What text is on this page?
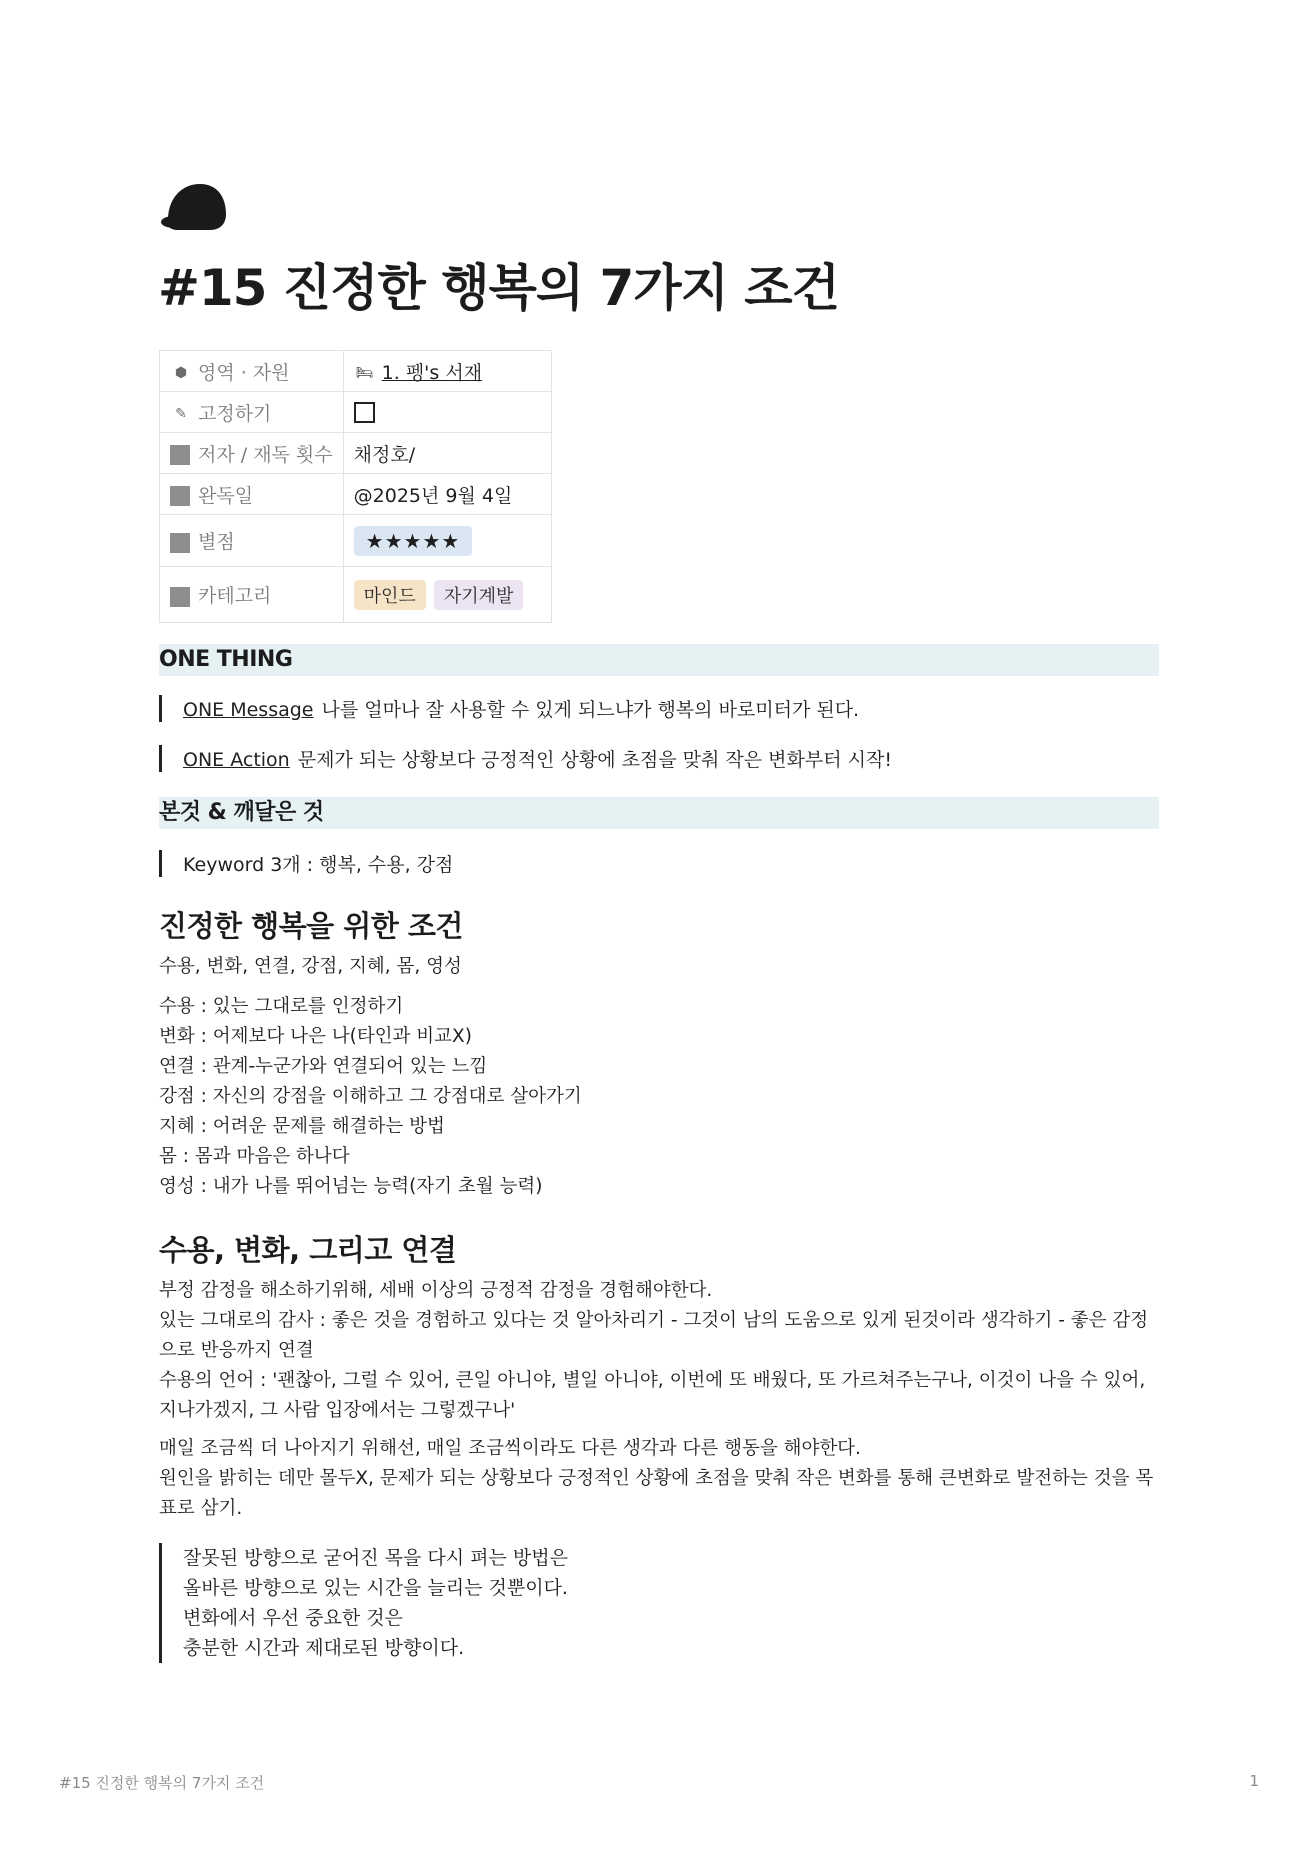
#15 진정한 행복의 7가지 조건
⬢ 영역 · 자원	🛏 1. 펭's 서재
✎ 고정하기	
저자 / 재독 횟수	채정호/
완독일	@2025년 9월 4일
별점	★★★★★
카테고리	마인드 자기계발
ONE THING
ONE Message 나를 얼마나 잘 사용할 수 있게 되느냐가 행복의 바로미터가 된다.
ONE Action 문제가 되는 상황보다 긍정적인 상황에 초점을 맞춰 작은 변화부터 시작!
본것 & 깨달은 것
Keyword 3개 : 행복, 수용, 강점
진정한 행복을 위한 조건
수용, 변화, 연결, 강점, 지혜, 몸, 영성
수용 : 있는 그대로를 인정하기
변화 : 어제보다 나은 나(타인과 비교X)
연결 : 관계-누군가와 연결되어 있는 느낌
강점 : 자신의 강점을 이해하고 그 강점대로 살아가기
지혜 : 어려운 문제를 해결하는 방법
몸 : 몸과 마음은 하나다
영성 : 내가 나를 뛰어넘는 능력(자기 초월 능력)
수용, 변화, 그리고 연결
부정 감정을 해소하기위해, 세배 이상의 긍정적 감정을 경험해야한다.
있는 그대로의 감사 : 좋은 것을 경험하고 있다는 것 알아차리기 - 그것이 남의 도움으로 있게 된것이라 생각하기 - 좋은 감정으로 반응까지 연결
수용의 언어 : '괜찮아, 그럴 수 있어, 큰일 아니야, 별일 아니야, 이번에 또 배웠다, 또 가르쳐주는구나, 이것이 나을 수 있어, 지나가겠지, 그 사람 입장에서는 그렇겠구나'
매일 조금씩 더 나아지기 위해선, 매일 조금씩이라도 다른 생각과 다른 행동을 해야한다.
원인을 밝히는 데만 몰두X, 문제가 되는 상황보다 긍정적인 상황에 초점을 맞춰 작은 변화를 통해 큰변화로 발전하는 것을 목표로 삼기.
잘못된 방향으로 굳어진 목을 다시 펴는 방법은
올바른 방향으로 있는 시간을 늘리는 것뿐이다.
변화에서 우선 중요한 것은
충분한 시간과 제대로된 방향이다.
#15 진정한 행복의 7가지 조건	1
